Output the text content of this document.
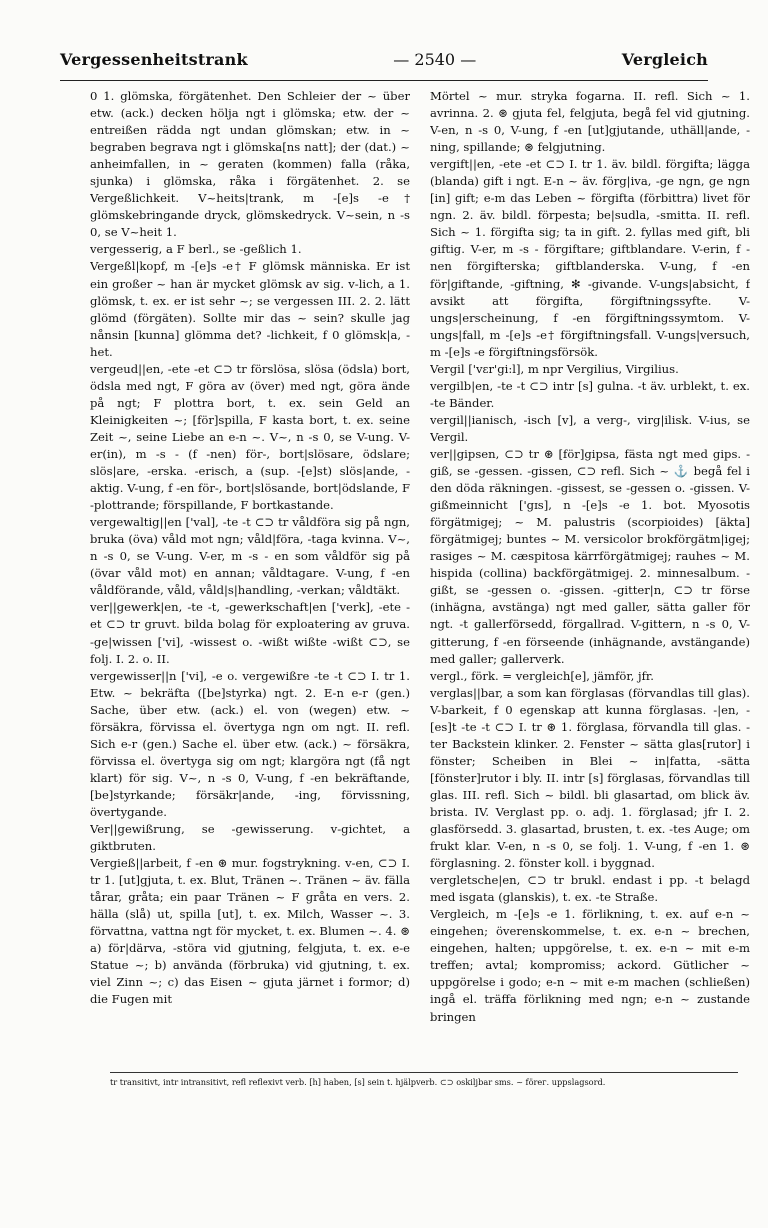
Vergessenheitstrank	— 2540 —	Vergleich

0 1. glömska, förgätenhet. Den Schleier der ~ über etw. (ack.) decken hölja ngt i glömska; etw. der ~ entreißen rädda ngt undan glömskan; etw. in ~ begraben begrava ngt i glömska[ns natt]; der (dat.) ~ anheimfallen, in ~ geraten (kommen) falla (råka, sjunka) i glömska, råka i förgätenhet. 2. se Vergeßlichkeit. V~heits|trank, m -[e]s -e† glömskebringande dryck, glömskedryck. V~sein, n -s 0, se V~heit 1.

vergesserig, a F berl., se -geßlich 1.

Vergeßl|kopf, m -[e]s -e† F glömsk människa. Er ist ein großer ~ han är mycket glömsk av sig. v-lich, a 1. glömsk, t. ex. er ist sehr ~; se vergessen III. 2. 2. lätt glömd (förgäten). Sollte mir das ~ sein? skulle jag nånsin [kunna] glömma det? -lichkeit, f 0 glömsk|a, -het.

vergeud||en, -ete -et ⊂⊃ tr förslösa, slösa (ödsla) bort, ödsla med ngt, F göra av (över) med ngt, göra ände på ngt; F plottra bort, t. ex. sein Geld an Kleinigkeiten ~; [för]spilla, F kasta bort, t. ex. seine Zeit ~, seine Liebe an e-n ~. V~, n -s 0, se V-ung. V-er(in), m -s - (f -nen) för-, bort|slösare, ödslare; slös|are, -erska. -erisch, a (sup. -[e]st) slös|ande, -aktig. V-ung, f -en för-, bort|slösande, bort|ödslande, F -plottrande; förspillande, F bortkastande.

vergewaltig||en ['val], -te -t ⊂⊃ tr våldföra sig på ngn, bruka (öva) våld mot ngn; våld|föra, -taga kvinna. V~, n -s 0, se V-ung. V-er, m -s - en som våldför sig på (övar våld mot) en annan; våldtagare. V-ung, f -en våldförande, våld, våld|s|handling, -verkan; våldtäkt.

ver||gewerk|en, -te -t, -gewerkschaft|en ['verk], -ete -et ⊂⊃ tr gruvt. bilda bolag för exploatering av gruva. -ge|wissen ['vi], -wissest o. -wißt wißte -wißt ⊂⊃, se folj. I. 2. o. II.

vergewisser||n ['vi], -e o. vergewißre -te -t ⊂⊃ I. tr 1. Etw. ~ bekräfta ([be]styrka) ngt. 2. E-n e-r (gen.) Sache, über etw. (ack.) el. von (wegen) etw. ~ försäkra, förvissa el. övertyga ngn om ngt. II. refl. Sich e-r (gen.) Sache el. über etw. (ack.) ~ försäkra, förvissa el. övertyga sig om ngt; klargöra ngt (få ngt klart) för sig. V~, n -s 0, V-ung, f -en bekräftande, [be]styrkande; försäkr|ande, -ing, förvissning, övertygande.

Ver||gewißrung, se -gewisserung. v-gichtet, a giktbruten.

Vergieß||arbeit, f -en ⊛ mur. fogstrykning. v-en, ⊂⊃ I. tr 1. [ut]gjuta, t. ex. Blut, Tränen ~. Tränen ~ äv. fälla tårar, gråta; ein paar Tränen ~ F gråta en vers. 2. hälla (slå) ut, spilla [ut], t. ex. Milch, Wasser ~. 3. förvattna, vattna ngt för mycket, t. ex. Blumen ~. 4. ⊛ a) för|därva, -störa vid gjutning, felgjuta, t. ex. e-e Statue ~; b) använda (förbruka) vid gjutning, t. ex. viel Zinn ~; c) das Eisen ~ gjuta järnet i formor; d) die Fugen mit

Mörtel ~ mur. stryka fogarna. II. refl. Sich ~ 1. avrinna. 2. ⊛ gjuta fel, felgjuta, begå fel vid gjutning. V-en, n -s 0, V-ung, f -en [ut]gjutande, uthäll|ande, -ning, spillande; ⊛ felgjutning.

vergift||en, -ete -et ⊂⊃ I. tr 1. äv. bildl. förgifta; lägga (blanda) gift i ngt. E-n ~ äv. förg|iva, -ge ngn, ge ngn [in] gift; e-m das Leben ~ förgifta (förbittra) livet för ngn. 2. äv. bildl. förpesta; be|sudla, -smitta. II. refl. Sich ~ 1. förgifta sig; ta in gift. 2. fyllas med gift, bli giftig. V-er, m -s - förgiftare; giftblandare. V-erin, f -nen förgifterska; giftblanderska. V-ung, f -en för|giftande, -giftning, ✻ -givande. V-ungs|absicht, f avsikt att förgifta, förgiftningssyfte. V-ungs|erscheinung, f -en förgiftningssymtom. V-ungs|fall, m -[e]s -e† förgiftningsfall. V-ungs|versuch, m -[e]s -e förgiftningsförsök.

Vergil ['vεr'gi:l], m npr Vergilius, Virgilius.

vergilb|en, -te -t ⊂⊃ intr [s] gulna. -t äv. urblekt, t. ex. -te Bänder.

vergil||ianisch, -isch [v], a verg-, virg|ilisk. V-ius, se Vergil.

ver||gipsen, ⊂⊃ tr ⊛ [för]gipsa, fästa ngt med gips. -giß, se -gessen. -gissen, ⊂⊃ refl. Sich ~ ⚓ begå fel i den döda räkningen. -gissest, se -gessen o. -gissen. V-gißmeinnicht ['gɪs], n -[e]s -e 1. bot. Myosotis förgätmigej; ~ M. palustris (scorpioides) [äkta] förgätmigej; buntes ~ M. versicolor brokförgätm|igej; rasiges ~ M. cæspitosa kärrförgätmigej; rauhes ~ M. hispida (collina) backförgätmigej. 2. minnesalbum. -gißt, se -gessen o. -gissen. -gitter|n, ⊂⊃ tr förse (inhägna, avstänga) ngt med galler, sätta galler för ngt. -t gallerförsedd, förgallrad. V-gittern, n -s 0, V-gitterung, f -en förseende (inhägnande, avstängande) med galler; gallerverk.

vergl., förk. = vergleich[e], jämför, jfr.

verglas||bar, a som kan förglasas (förvandlas till glas). V-barkeit, f 0 egenskap att kunna förglasas. -|en, -[es]t -te -t ⊂⊃ I. tr ⊛ 1. förglasa, förvandla till glas. -ter Backstein klinker. 2. Fenster ~ sätta glas[rutor] i fönster; Scheiben in Blei ~ in|fatta, -sätta [fönster]rutor i bly. II. intr [s] förglasas, förvandlas till glas. III. refl. Sich ~ bildl. bli glasartad, om blick äv. brista. IV. Verglast pp. o. adj. 1. förglasad; jfr I. 2. glasförsedd. 3. glasartad, brusten, t. ex. -tes Auge; om frukt klar. V-en, n -s 0, se folj. 1. V-ung, f -en 1. ⊛ förglasning. 2. fönster koll. i byggnad.

vergletsche|en, ⊂⊃ tr brukl. endast i pp. -t belagd med isgata (glanskis), t. ex. -te Straße.

Vergleich, m -[e]s -e 1. förlikning, t. ex. auf e-n ~ eingehen; överenskommelse, t. ex. e-n ~ brechen, eingehen, halten; uppgörelse, t. ex. e-n ~ mit e-m treffen; avtal; kompromiss; ackord. Gütlicher ~ uppgörelse i godo; e-n ~ mit e-m machen (schließen) ingå el. träffa förlikning med ngn; e-n ~ zustande bringen

tr transitivt, intr intransitivt, refl reflexivt verb. [h] haben, [s] sein t. hjälpverb. ⊂⊃ oskiljbar sms. ~ förег. uppslagsord.
